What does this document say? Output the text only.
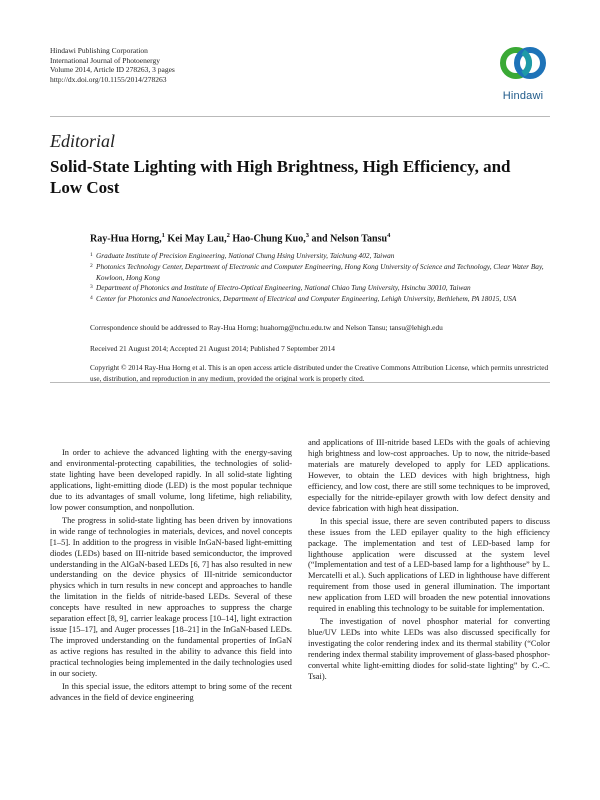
Hindawi Publishing Corporation
International Journal of Photoenergy
Volume 2014, Article ID 278263, 3 pages
http://dx.doi.org/10.1155/2014/278263
Hindawi
Editorial
Solid-State Lighting with High Brightness, High Efficiency, and Low Cost
Ray-Hua Horng,$^1$ Kei May Lau,$^2$ Hao-Chung Kuo,$^3$ and Nelson Tansu$^4$

1 Graduate Institute of Precision Engineering, National Chung Hsing University, Taichung 402, Taiwan

2 Photonics Technology Center, Department of Electronic and Computer Engineering, Hong Kong University of Science and Technology, Clear Water Bay, Kowloon, Hong Kong

3 Department of Photonics and Institute of Electro-Optical Engineering, National Chiao Tung University, Hsinchu 30010, Taiwan

4 Center for Photonics and Nanoelectronics, Department of Electrical and Computer Engineering, Lehigh University, Bethlehem, PA 18015, USA

Correspondence should be addressed to Ray-Hua Horng; huahorng@nchu.edu.tw and Nelson Tansu; tansu@lehigh.edu
Received 21 August 2014; Accepted 21 August 2014; Published 7 September 2014
Copyright © 2014 Ray-Hua Horng et al. This is an open access article distributed under the Creative Commons Attribution License, which permits unrestricted use, distribution, and reproduction in any medium, provided the original work is properly cited.

In order to achieve the advanced lighting with the energy-saving and environmental-protecting capabilities, the technologies of solid-state lighting have been developed rapidly. In all solid-state lighting applications, light-emitting diode (LED) is the most popular technique due to its advantages of small volume, long lifetime, high reliability, low power consumption, and nonpollution.

The progress in solid-state lighting has been driven by innovations in wide range of technologies in materials, devices, and novel concepts [1–5]. In addition to the progress in visible InGaN-based light-emitting diodes (LEDs) based on III-nitride based semiconductor, the improved understanding in the AlGaN-based LEDs [6, 7] has also resulted in new understanding on the device physics of III-nitride semiconductor physics which in turn results in new concept and approaches to handle the limitation in the fields of nitride-based LEDs. Several of these concepts have resulted in new approaches to suppress the charge separation effect [8, 9], carrier leakage process [10–14], light extraction issue [15–17], and Auger processes [18–21] in the InGaN-based LEDs. The improved understanding on the fundamental properties of InGaN as active regions has resulted in the ability to advance this field into practical technologies being implemented in the daily technologies used in our society.

In this special issue, the editors attempt to bring some of the recent advances in the field of device engineering

and applications of III-nitride based LEDs with the goals of achieving high brightness and low-cost approaches. Up to now, the nitride-based materials are maturely developed to apply for LED applications. However, to obtain the LED devices with high brightness, high efficiency, and low cost, there are still some techniques to be improved, especially for the nitride-epilayer growth with low defect density and device fabrication with high heat dissipation.

In this special issue, there are seven contributed papers to discuss these issues from the LED epilayer quality to the high efficiency package. The implementation and test of LED-based lamp for lighthouse application were discussed at the system level (“Implementation and test of a LED-based lamp for a lighthouse” by L. Mercatelli et al.). Such applications of LED in lighthouse have different requirement from those used in general illumination. The important new application from LED will broaden the new potential innovations required in enabling this technology to be suitable for implementation.

The investigation of novel phosphor material for converting blue/UV LEDs into white LEDs was also discussed specifically for investigating the color rendering index and its thermal stability (“Color rendering index thermal stability improvement of glass-based phosphor-convertal white light-emitting diodes for solid-state lighting” by C.-C. Tsai).
